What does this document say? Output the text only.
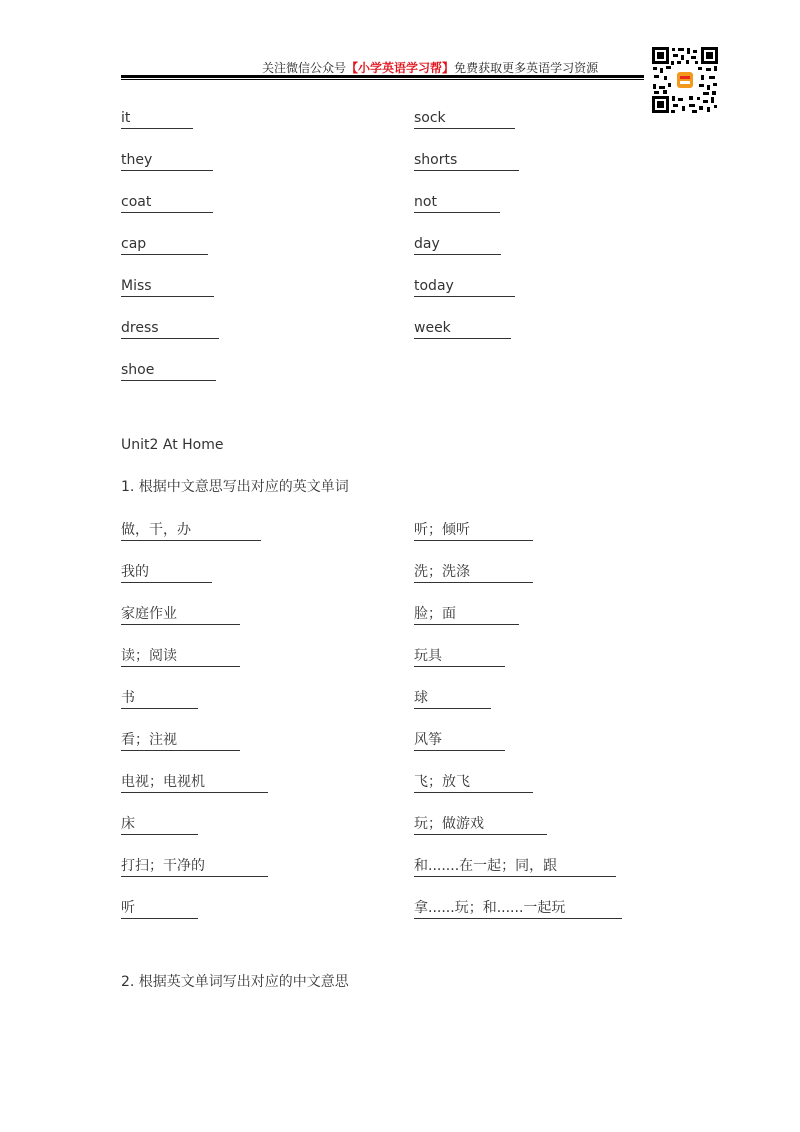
关注微信公众号【小学英语学习帮】免费获取更多英语学习资源
it
they
coat
cap
Miss
dress
shoe
sock
shorts
not
day
today
week
Unit2 At Home
1. 根据中文意思写出对应的英文单词
做，干，办
我的
家庭作业
读；阅读
书
看；注视
电视；电视机
床
打扫；干净的
听
听；倾听
洗；洗涤
脸；面
玩具
球
风筝
飞；放飞
玩；做游戏
和.......在一起；同，跟
拿......玩；和......一起玩
2. 根据英文单词写出对应的中文意思
